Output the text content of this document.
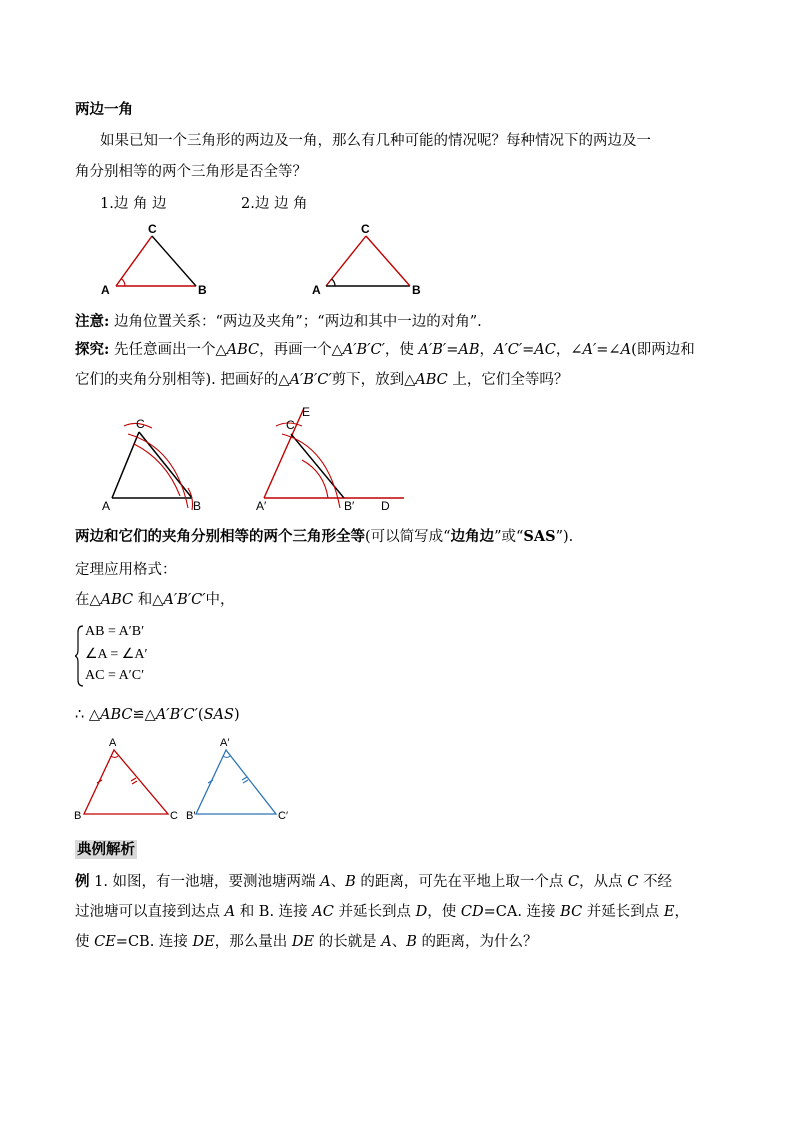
两边一角
如果已知一个三角形的两边及一角，那么有几种可能的情况呢？每种情况下的两边及一
角分别相等的两个三角形是否全等？
1.边 角 边	2.边 边 角
A	B
C
A	B
C
注意: 边角位置关系：“两边及夹角”；“两边和其中一边的对角”.
探究: 先任意画出一个△ABC，再画一个△A′B′C′，使 A′B′=AB，A′C′=AC，∠A′=∠A(即两边和
它们的夹角分别相等). 把画好的△A′B′C′剪下，放到△ABC 上，它们全等吗？
A	B
C
A′	B′
C
D
E
两边和它们的夹角分别相等的两个三角形全等(可以简写成“边角边”或“SAS”).
定理应用格式：
在△ABC 和△A′B′C′中，
AB = A′B′
∠A = ∠A′
AC = A′C′
∴ △ABC≌△A′B′C′(SAS)
A
B	C
A′
B′	C′
典例解析
例 1. 如图，有一池塘，要测池塘两端 A、B 的距离，可先在平地上取一个点 C，从点 C 不经
过池塘可以直接到达点 A 和 B. 连接 AC 并延长到点 D，使 CD=CA. 连接 BC 并延长到点 E，
使 CE=CB. 连接 DE，那么量出 DE 的长就是 A、B 的距离，为什么？
